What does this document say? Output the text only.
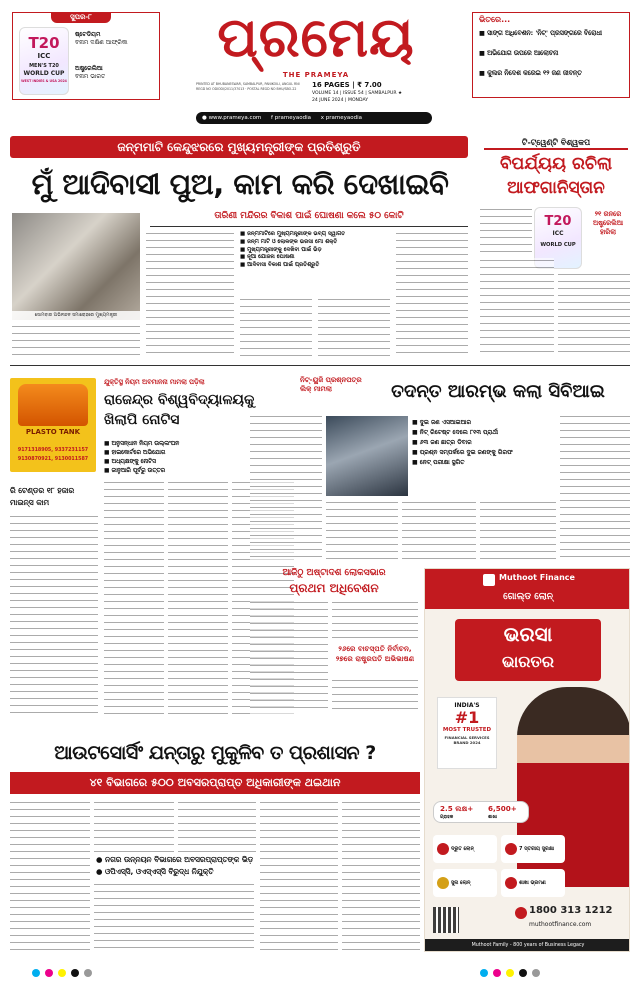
ସୁପର-୮
T20
ICC
MEN'S T20
WORLD CUP
WEST INDIES & USA 2024
ଷ୍ଟେଡିୟମ
ବନାମ ଦକ୍ଷିଣ ଆଫ୍ରିକା
ଅଷ୍ଟ୍ରେଲିଆ
ବନାମ ଭାରତ
ପ୍ରମେୟ
THE PRAMEYA
PRINTED AT BHUBANESWAR, SAMBALPUR, PANIKOILI, ANGUL RNI REGD NO ODIODI/2011/37013 · POSTAL REGD NO BHU/SBO-22	16 PAGES | ₹ 7.00
VOLUME 14 | ISSUE 54 | SAMBALPUR ★
24 JUNE 2024 | MONDAY
ଭିତରେ...
■ ସାଙ୍ଗ ଅଧିବେଶନ: 'ନିଟ୍' ପ୍ରସଙ୍ଗରେ ବିରୋଧୀ
■ ଅଭିଯୋଗ ଉପରେ ଆଲୋଚନା
■ କୁଲର ନିଦେଶ କରେଇ ୧୨ ଜଣ ଜୀବନ୍ତ
● www.prameya.com f prameyaodia x prameyaodia
ଜନ୍ମମାଟି କେନ୍ଦୁଝରରେ ମୁଖ୍ୟମନ୍ତ୍ରୀଙ୍କ ପ୍ରତିଶ୍ରୁତି
ମୁଁ ଆଦିବାସୀ ପୁଅ, କାମ କରି ଦେଖାଇବି
ତାରିଣୀ ମନ୍ଦିରର ବିକାଶ ପାଇଁ ଘୋଷଣା କଲେ ୫୦ କୋଟି
ସୋମବାର ଅଭିନନ୍ଦନ ସମାରୋହରେ ମୁଖ୍ୟମନ୍ତ୍ରୀ
■ ଜନ୍ମମାଟିରେ ମୁଖ୍ୟମନ୍ତ୍ରୀଙ୍କ ଭବ୍ୟ ସ୍ୱାଗତ
■ ଜନ୍ମ ମାଟି ଓ ଲୋକଙ୍କ ଭରସା ମୋ ଶକ୍ତି
■ ମୁଖ୍ୟମନ୍ତ୍ରୀଙ୍କୁ ଦେଖିବା ପାଇଁ ଭିଡ଼
■ ନୂଆ ଯୋଜନା ଘୋଷଣା
■ ଆଦିବାସୀ ବିକାଶ ପାଇଁ ପ୍ରତିଶ୍ରୁତି
ଟି-ଟ୍ୱେଣ୍ଟି ବିଶ୍ୱକପ
ବିପର୍ଯ୍ୟୟ ରଚିଲା
ଆଫଗାନିସ୍ତାନ
T20
ICC
WORLD CUP
୨୧ ରନରେ ଅଷ୍ଟ୍ରେଲିଆ ହାରିଲା
PLASTO TANK
9171318905, 9337231157
9130870921, 9130011587
ରି ଟେଣ୍ଡର ୧୮ ହଜାର ମାଇନ୍ସ କାମ
ଯୁକ୍ତିସ୍ଥ ନିୟମ ଅବମାନନା ମାମଲା ପଡ଼ିଲା
ରାଜେନ୍ଦ୍ର ବିଶ୍ୱବିଦ୍ୟାଳୟକୁ
ଖିଲାପି ନୋଟିସ
■ ଅନୁସନ୍ଧାନ ନିୟମ ଉଲ୍ଲଂଘନ
■ ହାଇକୋର୍ଟରେ ଅଭିଯୋଗ
■ ଅଧ୍ୟକ୍ଷଙ୍କୁ ନୋଟିସ
■ ଜାନୁଆରି ପୂର୍ବରୁ ଉତ୍ତର
ନିଟ୍-ୟୁଜି ପ୍ରଶ୍ନପତ୍ର ଲିକ୍ ମାମଲା	ତଦନ୍ତ ଆରମ୍ଭ କଲା ସିବିଆଇ
■ ଦୁଇ ଜଣ ଏସଆଇଆର
■ ନିଟ୍ ରିଟେଷ୍ଟ ଦେଲେ ୮୧୩ ପ୍ରାର୍ଥୀ
■ ୬୩ ଜଣ ଛାତ୍ର ଡିବାର
■ ପ୍ରଶ୍ନ ସମ୍ପର୍କରେ ଦୁଇ ଜଣଙ୍କୁ ଗିରଫ
■ ନେଟ୍ ପରୀକ୍ଷା ସ୍ଥଗିତ
ଆଜିଠୁ ଅଷ୍ଟାଦଶ ଲୋକସଭାର
ପ୍ରଥମ ଅଧିବେଶନ
୨୬ରେ ବାଚସ୍ପତି ନିର୍ବାଚନ, ୨୭ରେ ରାଷ୍ଟ୍ରପତି ଅଭିଭାଷଣ
ଆଉଟସୋର୍ସିଂ ଯନ୍ତାରୁ ମୁକୁଳିବ ତ ପ୍ରଶାସନ ?
୪୧ ବିଭାଗରେ ୫୦୦ ଅବସରପ୍ରାପ୍ତ ଅଧିକାରୀଙ୍କ ଥଇଥାନ
● ନଗର ଉନ୍ନୟନ ବିଭାଗରେ ଅବସରପ୍ରାପ୍ତଙ୍କ ଭିଡ଼
● ଓପିଏସ୍‌ସି, ଓଏସ୍‌ଏସ୍‌ସି ବିରୁଦ୍ଧ ନିଯୁକ୍ତି
Muthoot Finance
ଗୋଲ୍ଡ ଲୋନ୍
ଭରସା
ଭାରତର
INDIA'S
#1
MOST TRUSTED
FINANCIAL SERVICES BRAND 2024
2.5 ଲକ୍ଷ+
ଗ୍ରାହକ
6,500+
ଶାଖା
ଦ୍ରୁତ ଲୋନ୍	7 ସ୍ତରୀୟ ସୁରକ୍ଷା
ସୁନା ଲୋନ୍	ଶାଖା ଭ୍ରମଣ
1800 313 1212
muthootfinance.com
Muthoot Family - 800 years of Business Legacy
